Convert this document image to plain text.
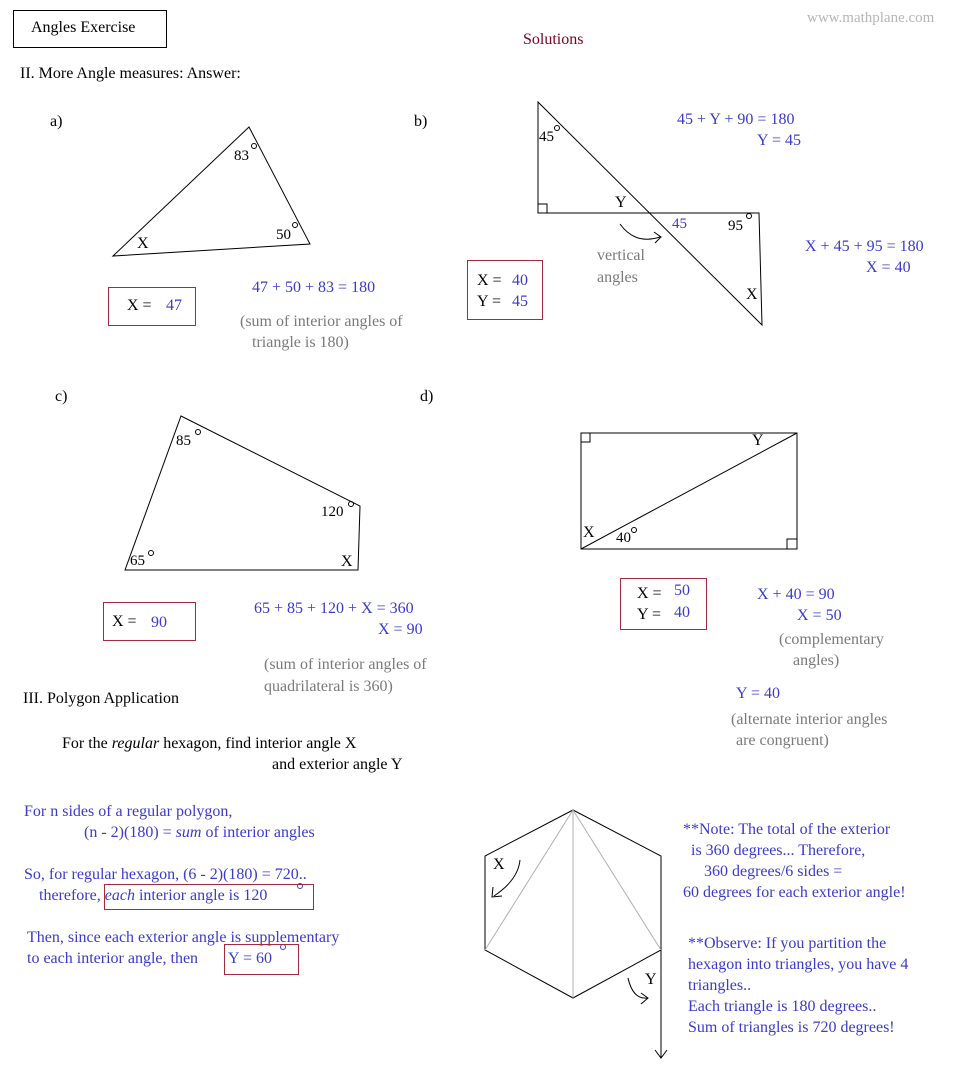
Angles Exercise
Solutions
www.mathplane.com
II. More Angle measures: Answer:
a)
83
50
X
X = 47
47 + 50 + 83 = 180
(sum of interior angles of
triangle is 180)
b)
45
Y
45	95
X
vertical
angles
X = 40
Y = 45
45 + Y + 90 = 180
Y = 45
X + 45 + 95 = 180
X = 40
c)
85
120
65	X
X = 90
65 + 85 + 120 + X = 360
X = 90
(sum of interior angles of
quadrilateral is 360)
d)
Y
X 40
X = 50
Y = 40
X + 40 = 90
X = 50
(complementary
angles)
Y = 40
(alternate interior angles
are congruent)
III. Polygon Application
For the regular hexagon, find interior angle X
and exterior angle Y
For n sides of a regular polygon,
(n - 2)(180) = sum of interior angles
So, for regular hexagon, (6 - 2)(180) = 720..
therefore, each interior angle is 120
Then, since each exterior angle is supplementary
to each interior angle, then Y = 60
X
Y
**Note: The total of the exterior
is 360 degrees... Therefore,
360 degrees/6 sides =
60 degrees for each exterior angle!
**Observe: If you partition the
hexagon into triangles, you have 4
triangles..
Each triangle is 180 degrees..
Sum of triangles is 720 degrees!
